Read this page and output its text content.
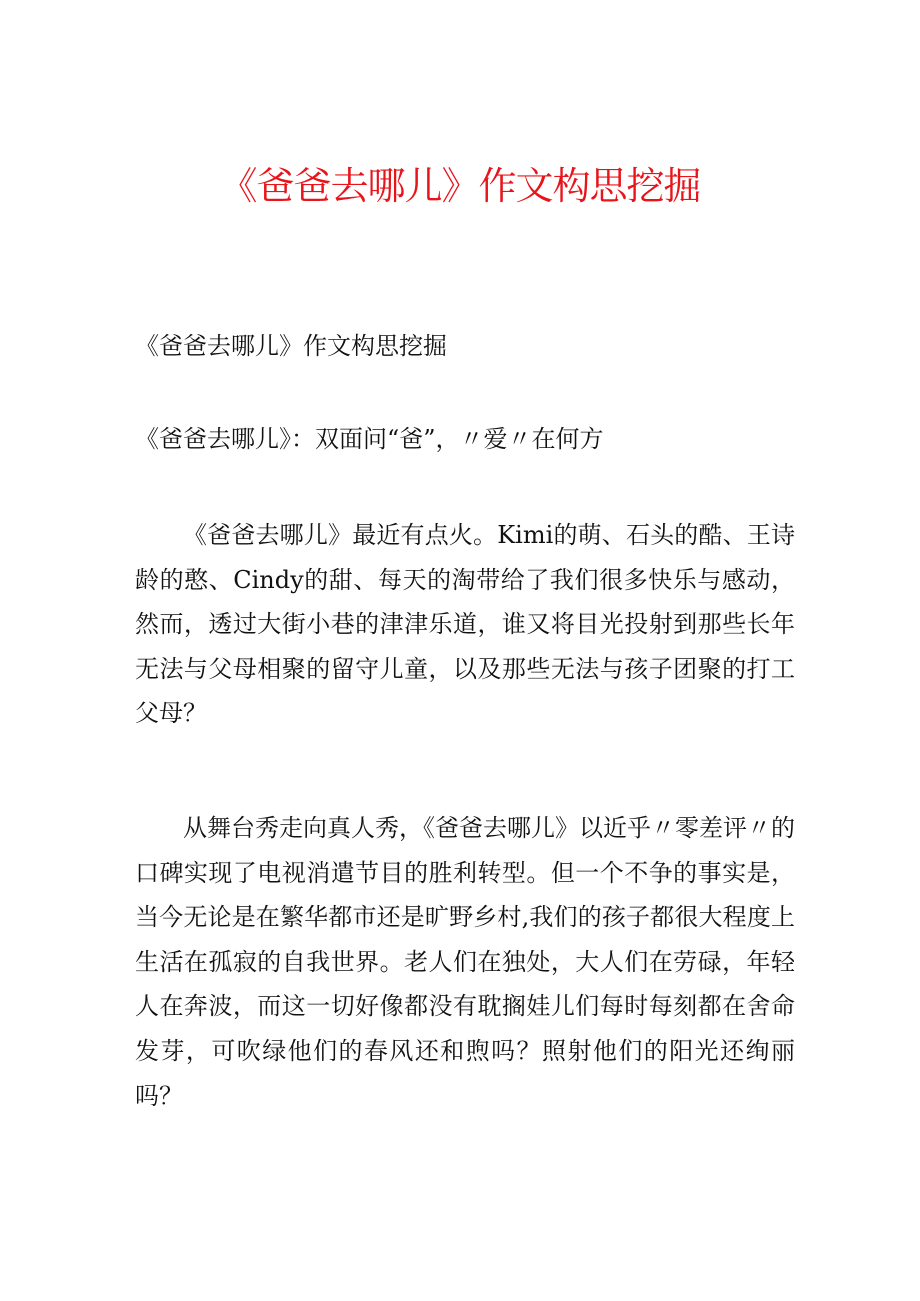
《爸爸去哪儿》作文构思挖掘

《爸爸去哪儿》作文构思挖掘

《爸爸去哪儿》：双面问“爸”，〃爱〃在何方

《爸爸去哪儿》最近有点火。Kimi的萌、石头的酷、王诗龄的憨、Cindy的甜、每天的淘带给了我们很多快乐与感动，然而，透过大街小巷的津津乐道，谁又将目光投射到那些长年无法与父母相聚的留守儿童，以及那些无法与孩子团聚的打工父母？

从舞台秀走向真人秀，《爸爸去哪儿》以近乎〃零差评〃的口碑实现了电视消遣节目的胜利转型。但一个不争的事实是，当今无论是在繁华都市还是旷野乡村,我们的孩子都很大程度上生活在孤寂的自我世界。老人们在独处，大人们在劳碌，年轻人在奔波，而这一切好像都没有耽搁娃儿们每时每刻都在舍命发芽，可吹绿他们的春风还和煦吗？照射他们的阳光还绚丽吗？
